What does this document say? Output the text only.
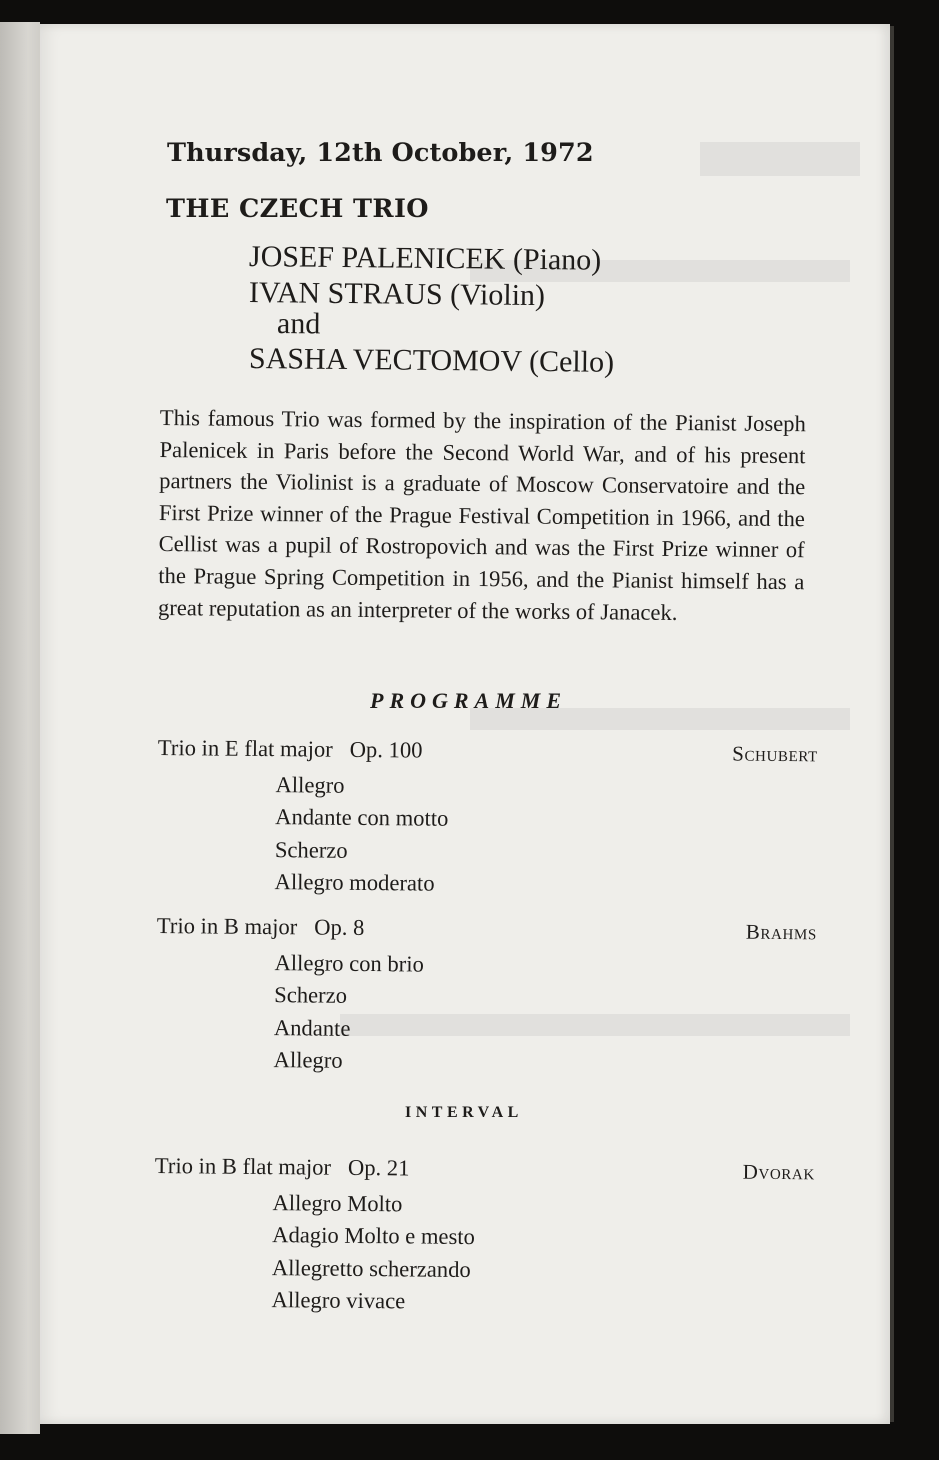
Thursday, 12th October, 1972
THE CZECH TRIO

JOSEF PALENICEK (Piano)

IVAN STRAUS (Violin)

and

SASHA VECTOMOV (Cello)

This famous Trio was formed by the inspiration of the Pianist Joseph Palenicek in Paris before the Second World War, and of his present partners the Violinist is a graduate of Moscow Conservatoire and the First Prize winner of the Prague Festival Competition in 1966, and the Cellist was a pupil of Rostropovich and was the First Prize winner of the Prague Spring Competition in 1956, and the Pianist himself has a great reputation as an interpreter of the works of Janacek.

PROGRAMME
Trio in E flat major   Op. 100	Schubert
Allegro
Andante con motto
Scherzo
Allegro moderato
Trio in B major   Op. 8	Brahms
Allegro con brio
Scherzo
Andante
Allegro
INTERVAL
Trio in B flat major   Op. 21	Dvorak
Allegro Molto
Adagio Molto e mesto
Allegretto scherzando
Allegro vivace
